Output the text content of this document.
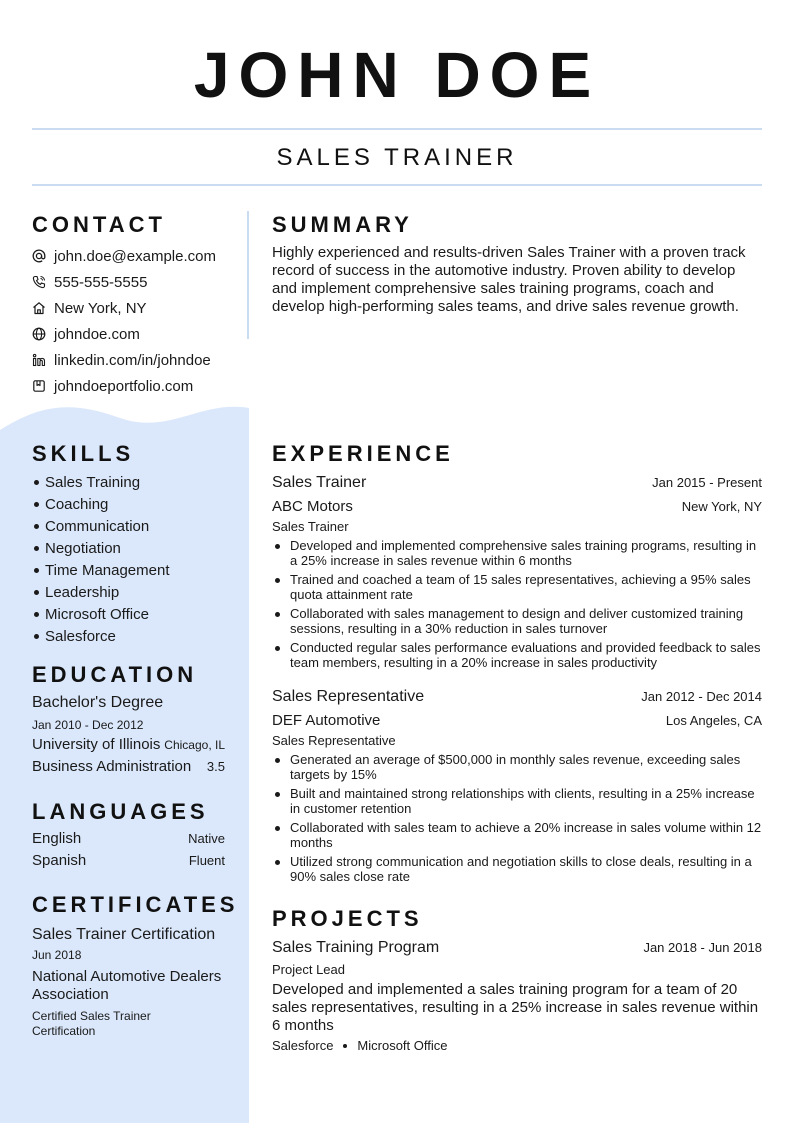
JOHN DOE
SALES TRAINER
CONTACT
john.doe@example.com
555-555-5555
New York, NY
johndoe.com
linkedin.com/in/johndoe
johndoeportfolio.com
SKILLS
Sales Training
Coaching
Communication
Negotiation
Time Management
Leadership
Microsoft Office
Salesforce
EDUCATION
Bachelor's Degree
Jan 2010 - Dec 2012
University of Illinois Chicago, IL
Business Administration 3.5
LANGUAGES
English	Native
Spanish	Fluent
CERTIFICATES
Sales Trainer Certification
Jun 2018
National Automotive Dealers Association
Certified Sales Trainer Certification
SUMMARY
Highly experienced and results-driven Sales Trainer with a proven track record of success in the automotive industry. Proven ability to develop and implement comprehensive sales training programs, coach and develop high-performing sales teams, and drive sales revenue growth.
EXPERIENCE
Sales Trainer	Jan 2015 - Present
ABC Motors	New York, NY
Sales Trainer
Developed and implemented comprehensive sales training programs, resulting in a 25% increase in sales revenue within 6 months
Trained and coached a team of 15 sales representatives, achieving a 95% sales quota attainment rate
Collaborated with sales management to design and deliver customized training sessions, resulting in a 30% reduction in sales turnover
Conducted regular sales performance evaluations and provided feedback to sales team members, resulting in a 20% increase in sales productivity
Sales Representative	Jan 2012 - Dec 2014
DEF Automotive	Los Angeles, CA
Sales Representative
Generated an average of $500,000 in monthly sales revenue, exceeding sales targets by 15%
Built and maintained strong relationships with clients, resulting in a 25% increase in customer retention
Collaborated with sales team to achieve a 20% increase in sales volume within 12 months
Utilized strong communication and negotiation skills to close deals, resulting in a 90% sales close rate
PROJECTS
Sales Training Program	Jan 2018 - Jun 2018
Project Lead
Developed and implemented a sales training program for a team of 20 sales representatives, resulting in a 25% increase in sales revenue within 6 months
Salesforce Microsoft Office
